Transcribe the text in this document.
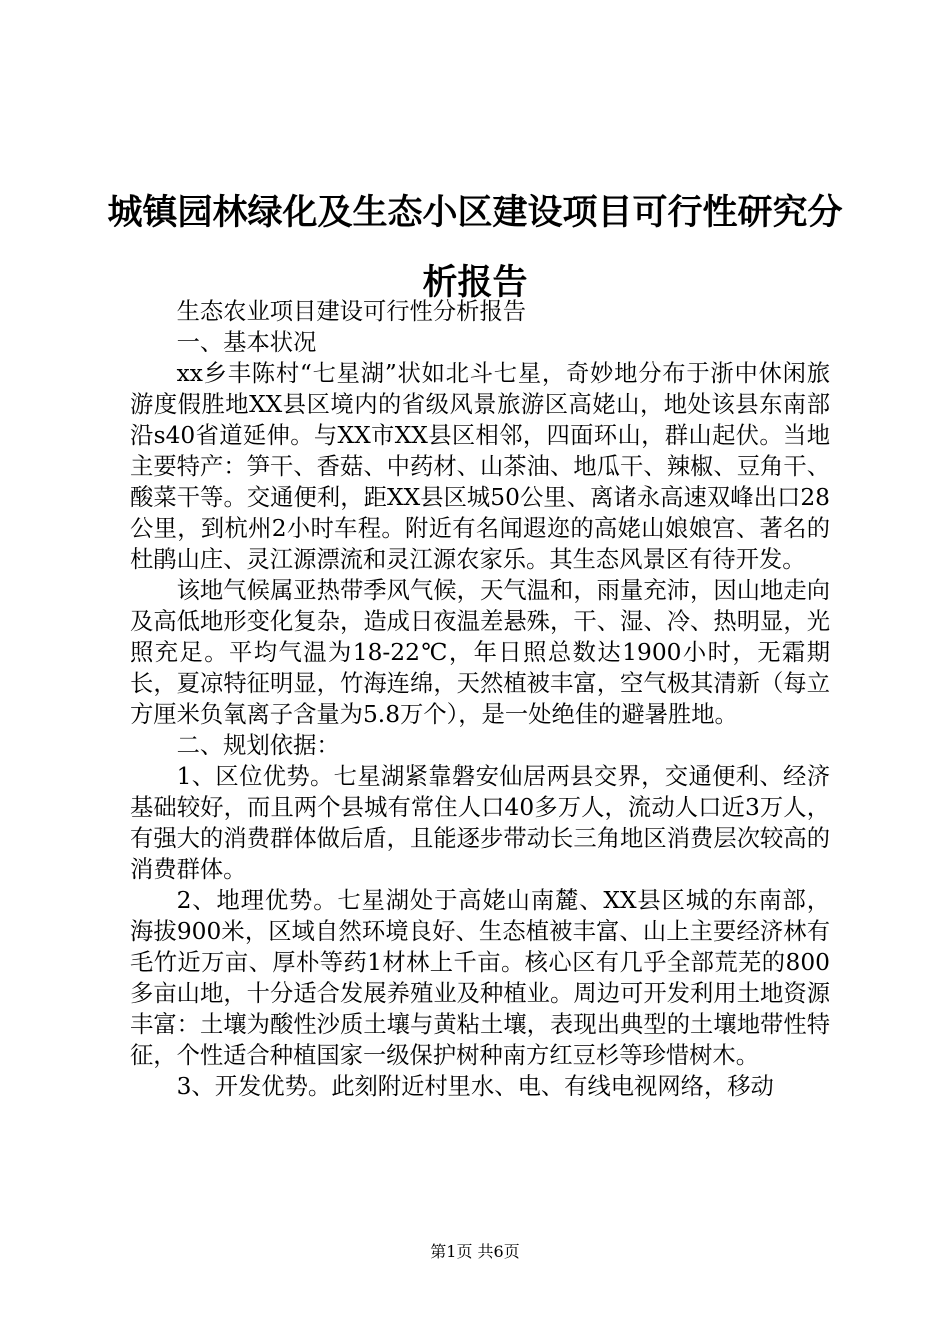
城镇园林绿化及生态小区建设项目可行性研究分析报告

生态农业项目建设可行性分析报告

一、基本状况

xx乡丰陈村“七星湖”状如北斗七星，奇妙地分布于浙中休闲旅游度假胜地XX县区境内的省级风景旅游区高姥山，地处该县东南部沿s40省道延伸。与XX市XX县区相邻，四面环山，群山起伏。当地主要特产：笋干、香菇、中药材、山茶油、地瓜干、辣椒、豆角干、酸菜干等。交通便利，距XX县区城50公里、离诸永高速双峰出口28公里，到杭州2小时车程。附近有名闻遐迩的高姥山娘娘宫、著名的杜鹃山庄、灵江源漂流和灵江源农家乐。其生态风景区有待开发。

该地气候属亚热带季风气候，天气温和，雨量充沛，因山地走向及高低地形变化复杂，造成日夜温差悬殊，干、湿、冷、热明显，光照充足。平均气温为18-22℃，年日照总数达1900小时，无霜期长，夏凉特征明显，竹海连绵，天然植被丰富，空气极其清新（每立方厘米负氧离子含量为5.8万个），是一处绝佳的避暑胜地。

二、规划依据：

1、区位优势。七星湖紧靠磐安仙居两县交界，交通便利、经济基础较好，而且两个县城有常住人口40多万人，流动人口近3万人，有强大的消费群体做后盾，且能逐步带动长三角地区消费层次较高的消费群体。

2、地理优势。七星湖处于高姥山南麓、XX县区城的东南部，海拔900米，区域自然环境良好、生态植被丰富、山上主要经济林有毛竹近万亩、厚朴等药1材林上千亩。核心区有几乎全部荒芜的800多亩山地，十分适合发展养殖业及种植业。周边可开发利用土地资源丰富：土壤为酸性沙质土壤与黄粘土壤，表现出典型的土壤地带性特征，个性适合种植国家一级保护树种南方红豆杉等珍惜树木。

3、开发优势。此刻附近村里水、电、有线电视网络，移动

第1页 共6页
